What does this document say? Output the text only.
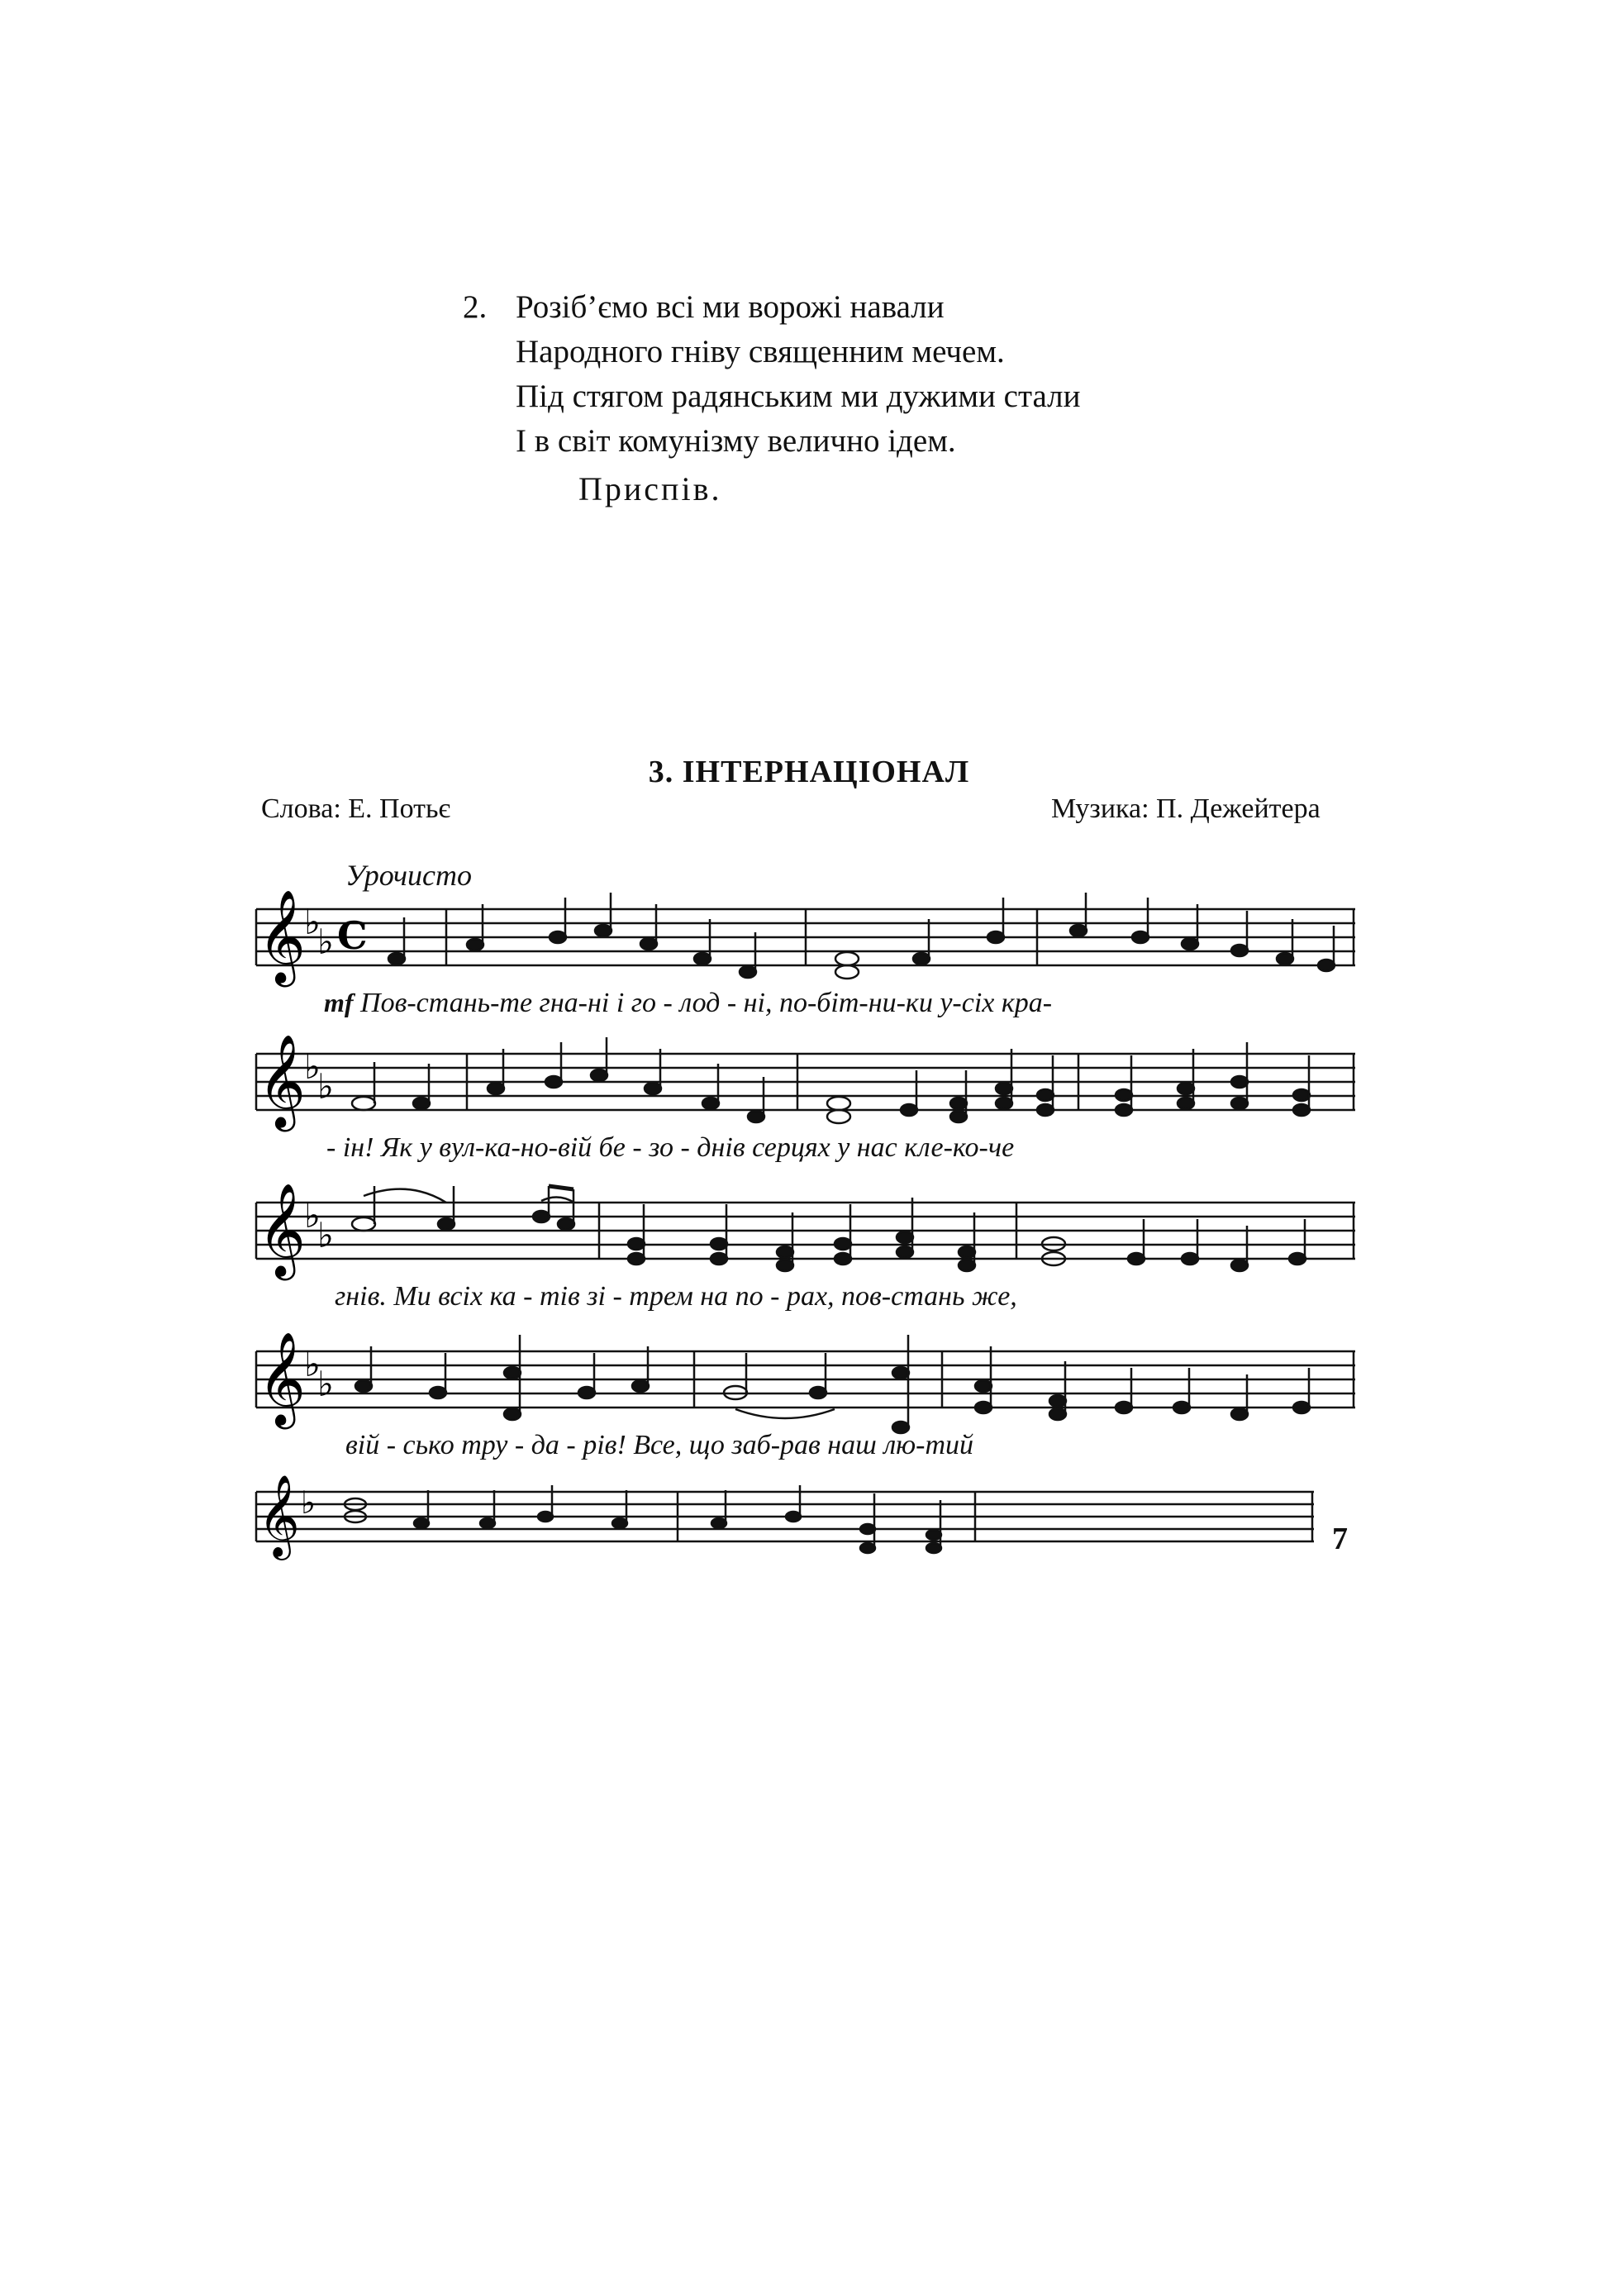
2. Розіб’ємо всі ми ворожі навали
Народного гніву священним мечем.
Під стягом радянським ми дужими стали
І в світ комунізму велично ідем.
Приспів.
3. ІНТЕРНАЦІОНАЛ
Слова: Е. Потьє	Музика: П. Дежейтера
Урочисто
𝄞
♭
♭ C
mf Пов-стань-те гна-ні і го - лод - ні, по-біт-ни-ки у-сіх кра-
𝄞
♭
♭
- ін! Як у вул-ка-но-вій бе - зо - днів серцях у нас кле-ко-че
𝄞
♭
♭
гнів. Ми всіх ка - тів зі - трем на по - рах, пов-стань же,
𝄞
♭
♭
вій - сько тру - да - рів! Все, що заб-рав наш лю-тий
𝄞 ♭
7
